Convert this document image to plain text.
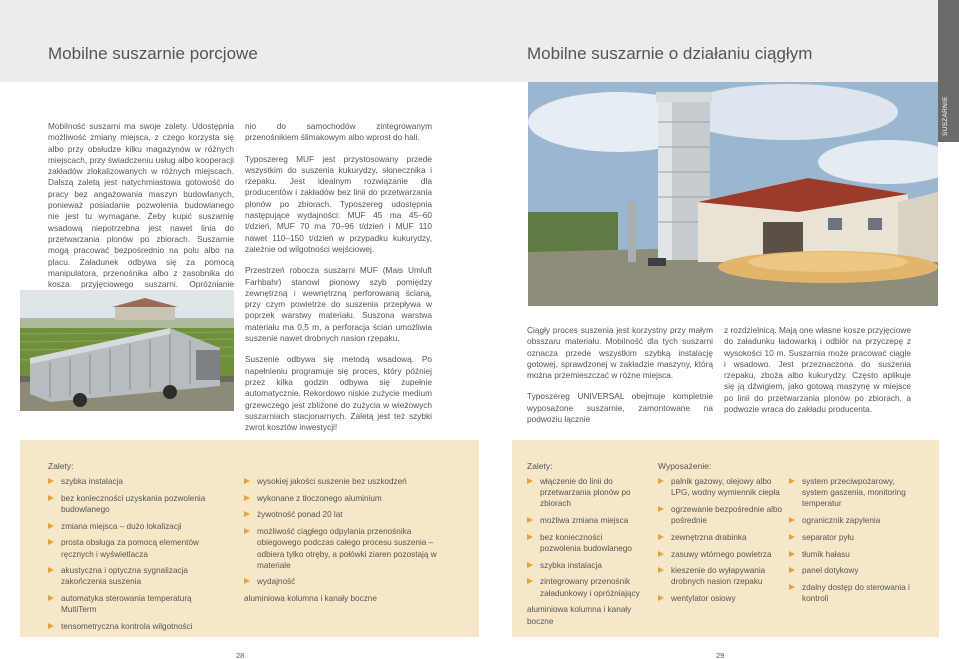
Mobilne suszarnie porcjowe	Mobilne suszarnie o działaniu ciągłym
SUSZARNIE

Mobilność suszarni ma swoje zalety. Udostępnia możliwość zmiany miejsca, z czego korzysta się albo przy obsłudze kilku magazynów w różnych miejscach, przy świadczeniu usług albo kooperacji zakładów zlokalizowanych w różnych miejscach. Dalszą zaletą jest natychmiastowa gotowość do pracy bez angażowania maszyn budowlanych, ponieważ posiadanie pozwolenia budowlanego nie jest tu wymagane. Żeby kupić suszarnię wsadową niepotrzebna jest nawet linia do przetwarzania plonów po zbiorach. Suszarnie mogą pracować bezpośrednio na polu albo na placu. Załadunek odbywa się za pomocą manipulatora, przenośnika albo z zasobnika do kosza przyjęciowego suszarni. Opróżnianie

nio do samochodów zintegrowanym przenośnikiem ślimakowym albo wprost do hali.

Typoszereg MUF jest przystosowany przede wszystkim do suszenia kukurydzy, słonecznika i rzepaku. Jest idealnym rozwiązanie dla producentów i zakładów bez linii do przetwarzania plonów po zbiorach. Typoszereg udostępnia następujące wydajności: MUF 45 ma 45–60 t/dzień, MUF 70 ma 70–96 t/dzień i MUF 110 nawet 110–150 t/dzień w przypadku kukurydzy, zależnie od wilgotności wejściowej.

Przestrzeń robocza suszarni MUF (Mais Umluft Farhbahr) stanowi pionowy szyb pomiędzy zewnętrzną i wewnętrzną perforowaną ścianą, przy czym powietrze do suszenia przepływa w poprzek warstwy materiału. Suszona warstwa materiału ma 0,5 m, a perforacja ścian umożliwia suszenie nawet drobnych nasion rzepaku.

Suszenie odbywa się metodą wsadową. Po napełnieniu programuje się proces, który później przez kilka godzin odbywa się zupełnie automatycznie. Rekordowo niskie zużycie medium grzewczego jest zbliżone do zużycia w wieżowych suszarniach stacjonarnych. Zaletą jest też szybki zwrot kosztów inwestycji!

Ciągły proces suszenia jest korzystny przy małym obsszaru materiału. Mobilność dla tych suszarni oznacza przede wszystkim szybką instalację gotowej, sprawdzonej w zakładzie maszyny, którą można przemieszczać w różne miejsca.

Typoszereg UNIVERSAL obejmuje kompletnie wyposażone suszarnie, zamontowane na podwoziu łącznie

z rozdzielnicą. Mają one własne kosze przyjęciowe do załadunku ładowarką i odbiór na przyczepę z wysokości 10 m. Suszarnia może pracować ciągle i wsadowo. Jest przeznaczona do suszenia rzepaku, zboża albo kukurydzy. Często aplikuje się ją dźwigiem, jako gotową maszynę w miejsce po linii do przetwarzania plonów po zbiorach, a podwozie wraca do zakładu producenta.

Zalety:
szybka instalacja
bez konieczności uzyskania pozwolenia budowlanego
zmiana miejsca – dużo lokalizacji
prosta obsługa za pomocą elementów ręcznych i wyświetlacza
akustyczna i optyczna sygnalizacja zakończenia suszenia
automatyka sterowania temperaturą MultiTerm
tensometryczna kontrola wilgotności
wysokiej jakości suszenie bez uszkodzeń
wykonane z tłoczonego aluminium
żywotność ponad 20 lat
możliwość ciągłego odpylania przenośnika obiegowego podczas całego procesu suszenia – odbiera tylko otręby, a połówki ziaren pozostają w materiale
wydajność
aluminiowa kolumna i kanały boczne
Zalety:	Wyposażenie:
włączenie do linii do przetwarzania plonów po zbiorach
możliwa zmiana miejsca
bez konieczności pozwolenia budowlanego
szybka instalacja
zintegrowany przenośnik załadunkowy i opróżniający
aluminiowa kolumna i kanały boczne
palnik gazowy, olejowy albo LPG, wodny wymiennik ciepła
ogrzewanie bezpośrednie albo pośrednie
zewnętrzna drabinka
zasuwy wtórnego powietrza
kieszenie do wyłapywania drobnych nasion rzepaku
wentylator osiowy
system przeciwpożarowy, system gaszenia, monitoring temperatur
ogranicznik zapylenia
separator pyłu
tłumik hałasu
panel dotykowy
zdalny dostęp do sterowania i kontroli
28	29
